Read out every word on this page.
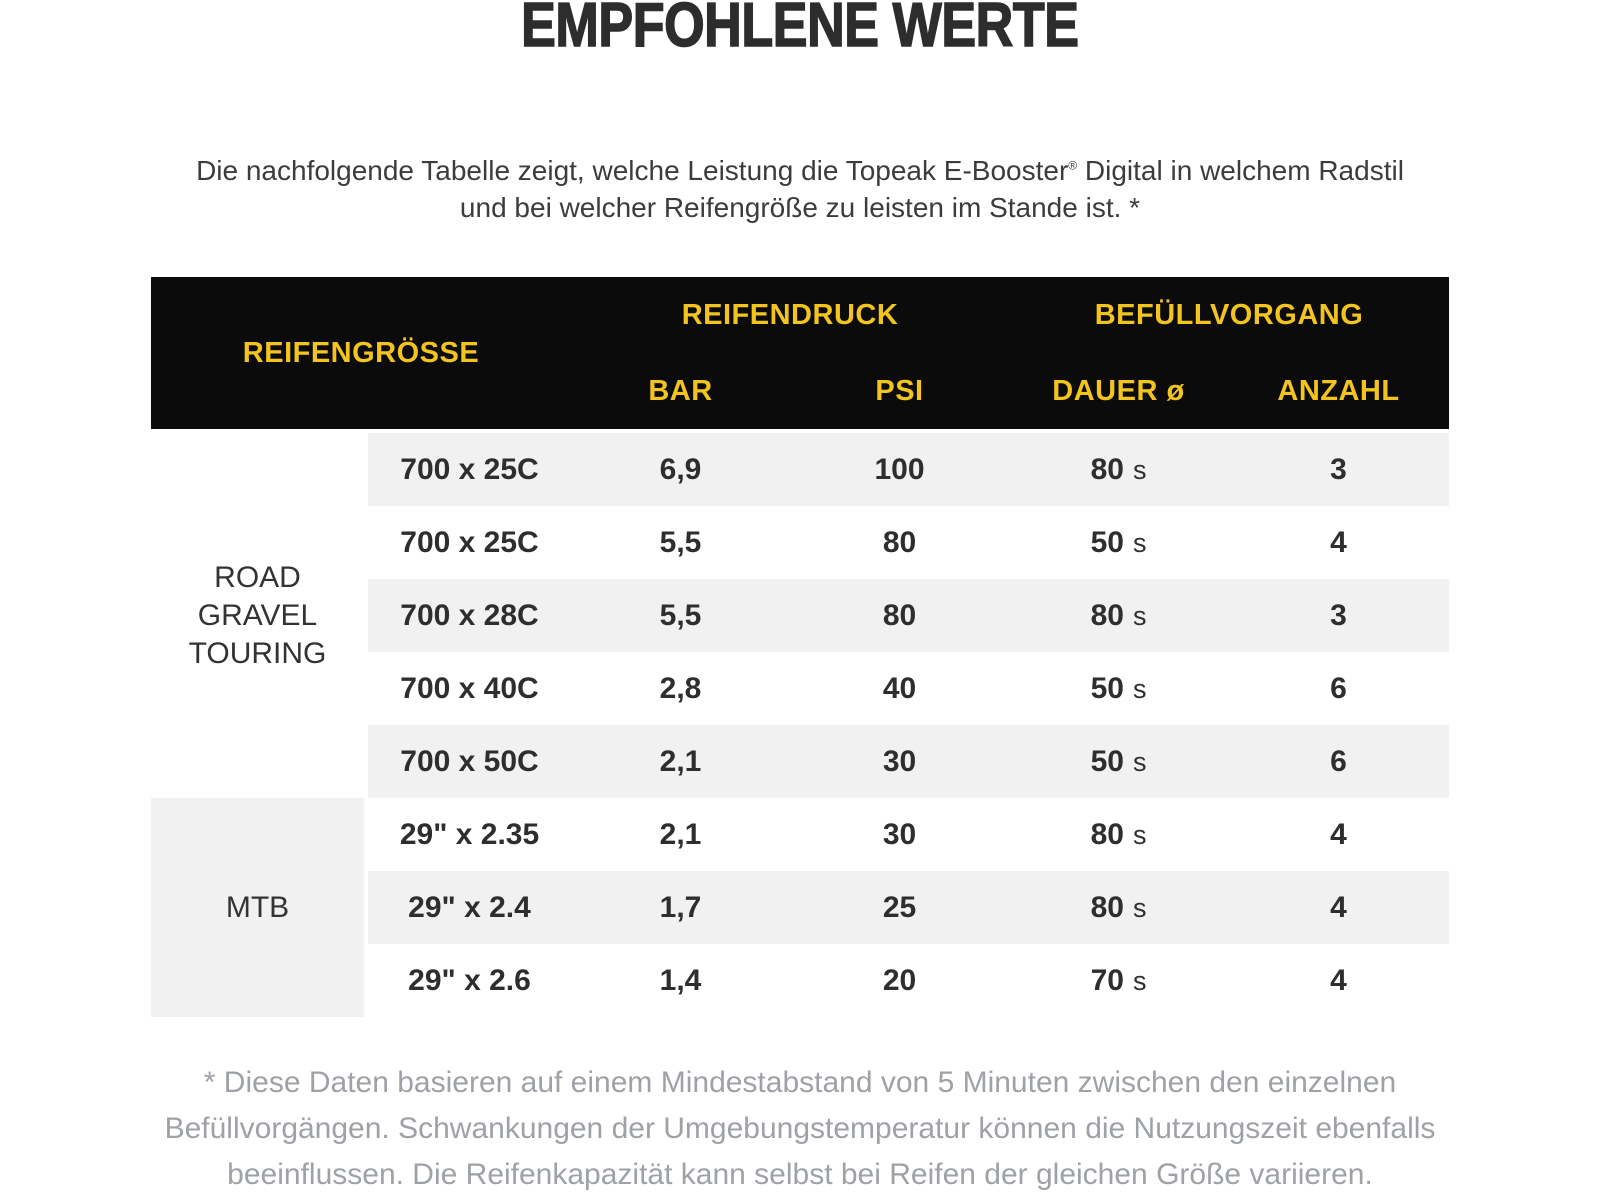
EMPFOHLENE WERTE

Die nachfolgende Tabelle zeigt, welche Leistung die Topeak E-Booster® Digital in welchem Radstil
und bei welcher Reifengröße zu leisten im Stande ist. *

REIFENGRÖSSE		REIFENDRUCK		BEFÜLLVORGANG	
		BAR	PSI	DAUER ø	ANZAHL

ROAD
GRAVEL
TOURING	700 x 25C	6,9	100	80 s	3
	700 x 25C	5,5	80	50 s	4
	700 x 28C	5,5	80	80 s	3
	700 x 40C	2,8	40	50 s	6
	700 x 50C	2,1	30	50 s	6

MTB	29" x 2.35	2,1	30	80 s	4
	29" x 2.4	1,7	25	80 s	4
	29" x 2.6	1,4	20	70 s	4

* Diese Daten basieren auf einem Mindestabstand von 5 Minuten zwischen den einzelnen
Befüllvorgängen. Schwankungen der Umgebungstemperatur können die Nutzungszeit ebenfalls
beeinflussen. Die Reifenkapazität kann selbst bei Reifen der gleichen Größe variieren.
